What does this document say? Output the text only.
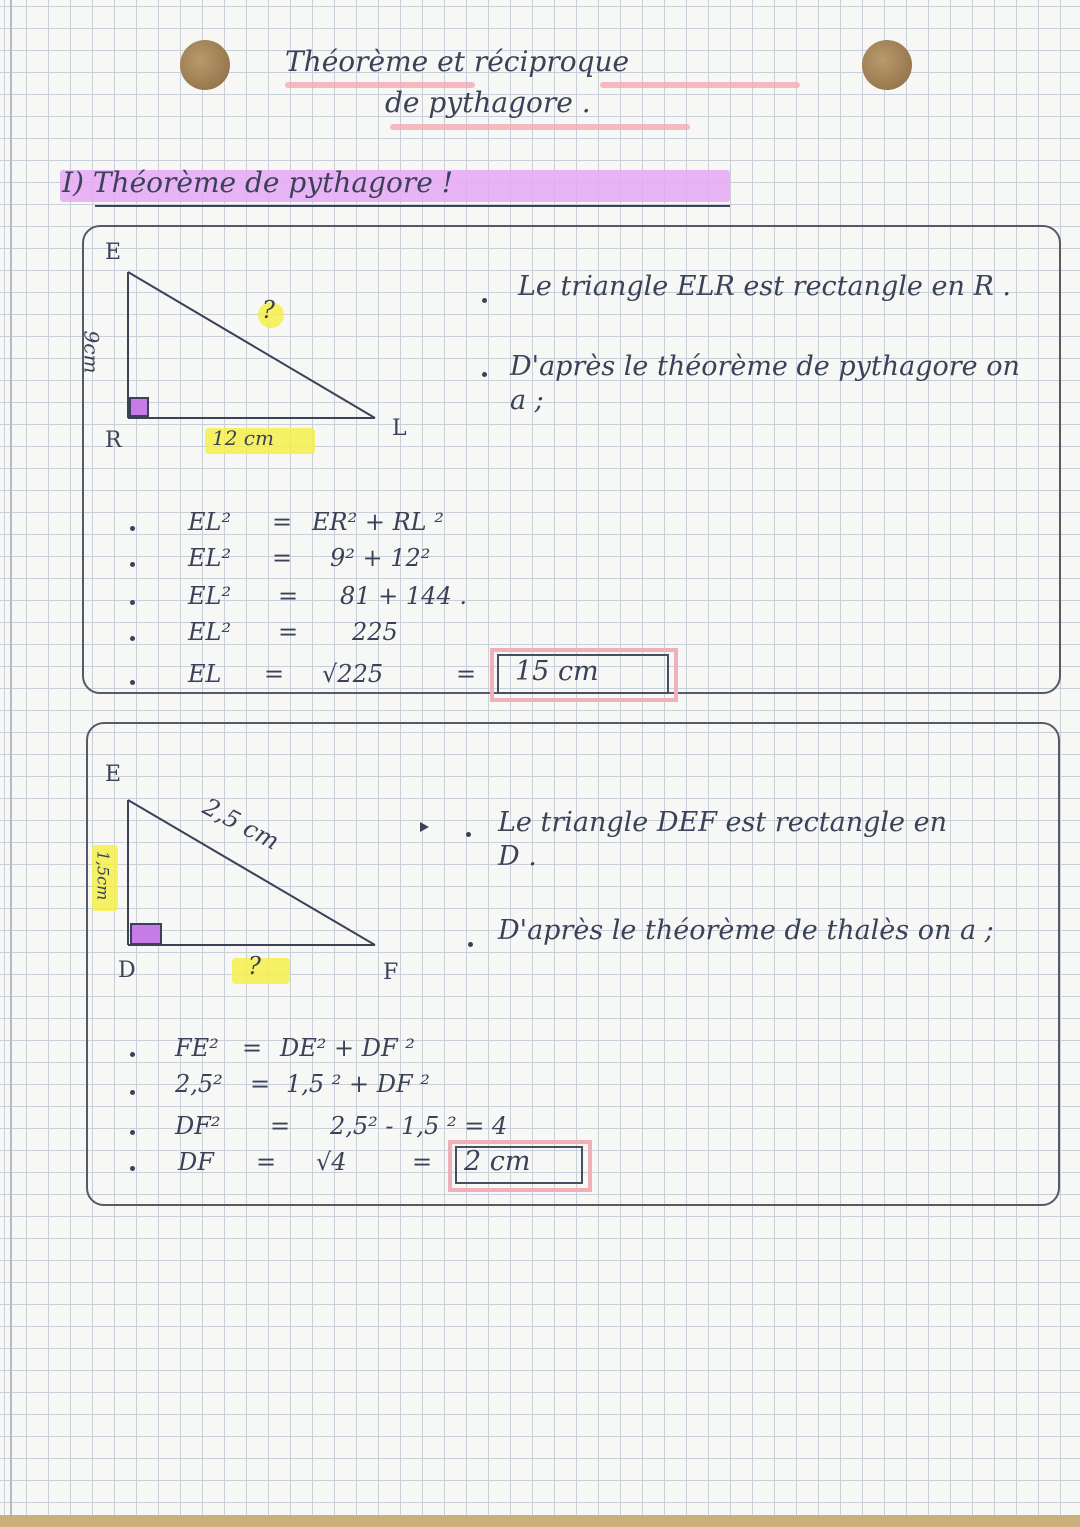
Théorème et réciproque
de pythagore .
I) Théorème de pythagore !
E
R	L
9cm
12 cm
?
Le triangle ELR est rectangle en R .
D'après le théorème de pythagore on a ;
EL² = ER² + RL ²
EL² = 9² + 12²
EL² = 81 + 144 .
EL² = 225
EL = √225	= 15 cm
E
D	F
1,5cm
2,5 cm
?
Le triangle DEF est rectangle en D .
D'après le théorème de thalès on a ;
FE² = DE² + DF ²
2,5² = 1,5 ² + DF ²
DF² = 2,5² - 1,5 ² = 4
DF = √4	= 2 cm
